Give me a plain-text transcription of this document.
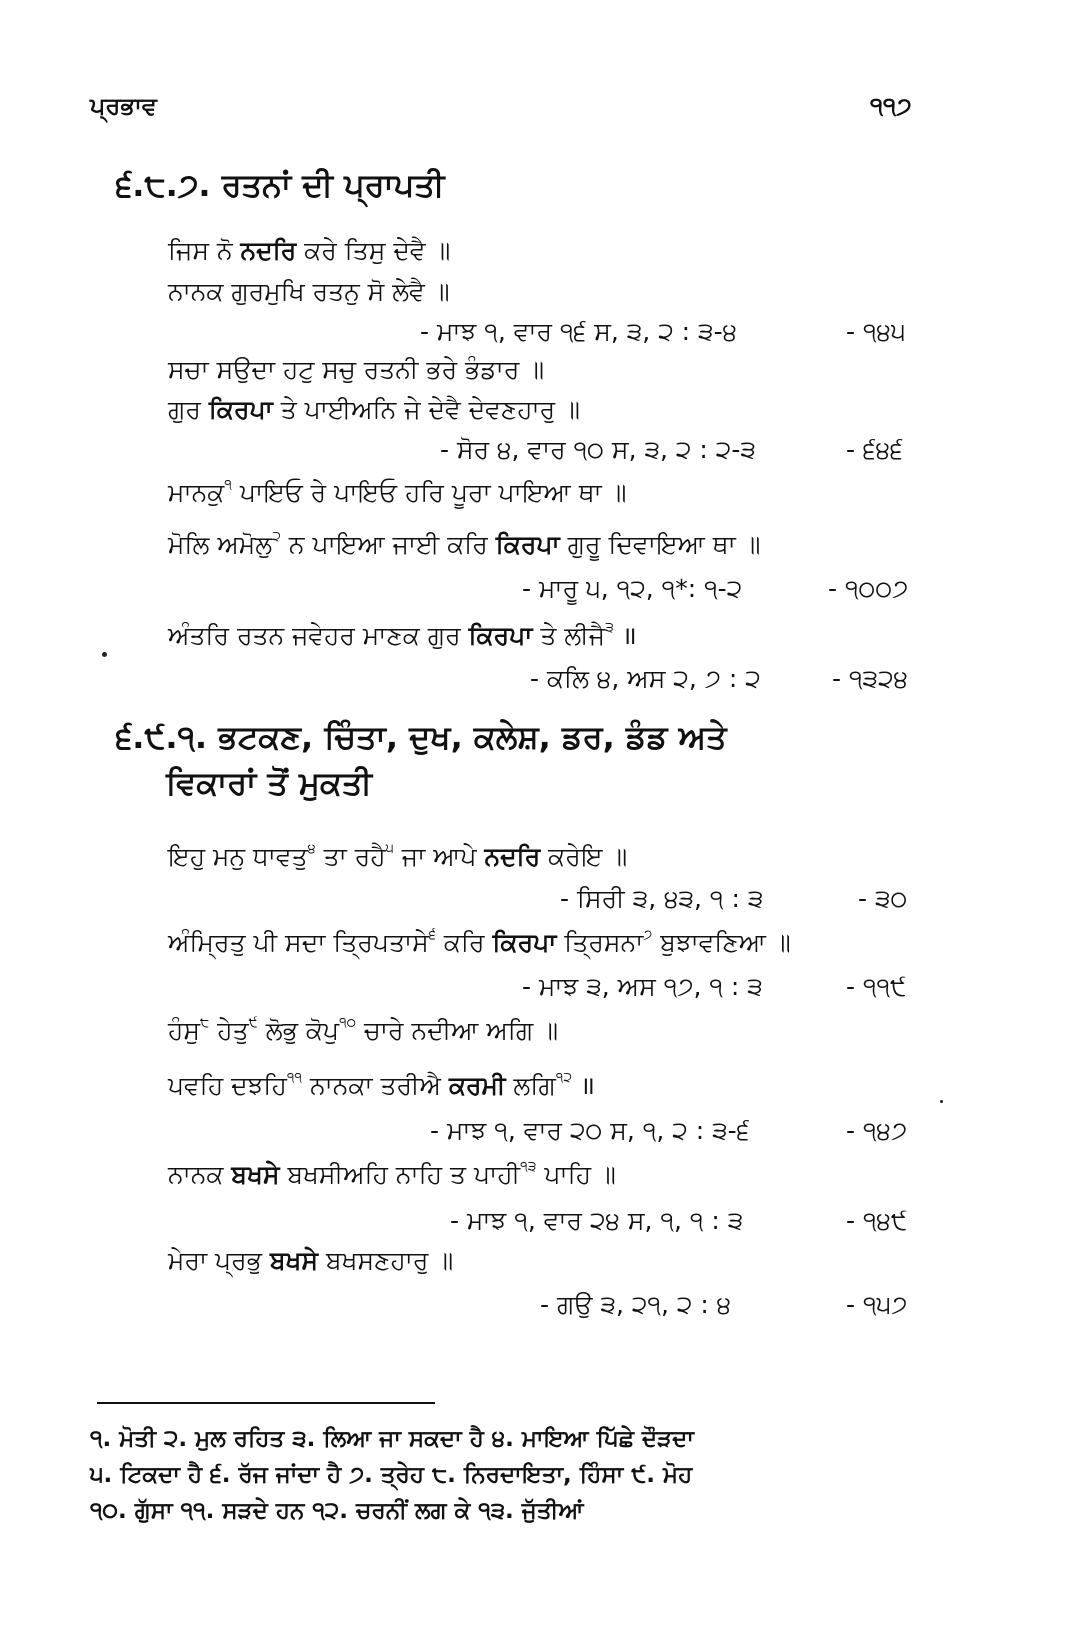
ਪ੍ਰਭਾਵ	੧੧੭
੬.੮.੭. ਰਤਨਾਂ ਦੀ ਪ੍ਰਾਪਤੀ
ਜਿਸ ਨੋ ਨਦਰਿ ਕਰੇ ਤਿਸੁ ਦੇਵੈ ॥
ਨਾਨਕ ਗੁਰਮੁਖਿ ਰਤਨੁ ਸੋ ਲੇਵੈ ॥
- ਮਾਝ ੧, ਵਾਰ ੧੬ ਸ, ੩, ੨ : ੩-੪	- ੧੪੫
ਸਚਾ ਸਉਦਾ ਹਟੁ ਸਚੁ ਰਤਨੀ ਭਰੇ ਭੰਡਾਰ ॥
ਗੁਰ ਕਿਰਪਾ ਤੇ ਪਾਈਅਨਿ ਜੇ ਦੇਵੈ ਦੇਵਣਹਾਰੁ ॥
- ਸੋਰ ੪, ਵਾਰ ੧੦ ਸ, ੩, ੨ : ੨-੩	- ੬੪੬
ਮਾਨਕੁ$^੧$ ਪਾਇਓ ਰੇ ਪਾਇਓ ਹਰਿ ਪੂਰਾ ਪਾਇਆ ਥਾ ॥
ਮੋਲਿ ਅਮੋਲੁ$^੨$ ਨ ਪਾਇਆ ਜਾਈ ਕਰਿ ਕਿਰਪਾ ਗੁਰੂ ਦਿਵਾਇਆ ਥਾ ॥
- ਮਾਰੂ ੫, ੧੨, ੧*: ੧-੨	- ੧੦੦੭
ਅੰਤਰਿ ਰਤਨ ਜਵੇਹਰ ਮਾਣਕ ਗੁਰ ਕਿਰਪਾ ਤੇ ਲੀਜੈ$^੩$ ॥
- ਕਲਿ ੪, ਅਸ ੨, ੭ : ੨	- ੧੩੨੪
੬.੯.੧. ਭਟਕਣ, ਚਿੰਤਾ, ਦੁਖ, ਕਲੇਸ਼, ਡਰ, ਡੰਡ ਅਤੇ
ਵਿਕਾਰਾਂ ਤੋਂ ਮੁਕਤੀ
ਇਹੁ ਮਨੁ ਧਾਵਤੁ$^੪$ ਤਾ ਰਹੈ$^੫$ ਜਾ ਆਪੇ ਨਦਰਿ ਕਰੇਇ ॥
- ਸਿਰੀ ੩, ੪੩, ੧ : ੩	- ੩੦
ਅੰਮ੍ਰਿਤੁ ਪੀ ਸਦਾ ਤ੍ਰਿਪਤਾਸੇ$^੬$ ਕਰਿ ਕਿਰਪਾ ਤ੍ਰਿਸਨਾ$^੭$ ਬੁਝਾਵਣਿਆ ॥
- ਮਾਝ ੩, ਅਸ ੧੭, ੧ : ੩	- ੧੧੯
ਹੰਸੁ$^੮$ ਹੇਤੁ$^੯$ ਲੋਭੁ ਕੋਪੁ$^{੧੦}$ ਚਾਰੇ ਨਦੀਆ ਅਗਿ ॥
ਪਵਹਿ ਦਝਹਿ$^{੧੧}$ ਨਾਨਕਾ ਤਰੀਐ ਕਰਮੀ ਲਗਿ$^{੧੨}$ ॥
- ਮਾਝ ੧, ਵਾਰ ੨੦ ਸ, ੧, ੨ : ੩-੬	- ੧੪੭
ਨਾਨਕ ਬਖਸੇ ਬਖਸੀਅਹਿ ਨਾਹਿ ਤ ਪਾਹੀ$^{੧੩}$ ਪਾਹਿ ॥
- ਮਾਝ ੧, ਵਾਰ ੨੪ ਸ, ੧, ੧ : ੩	- ੧੪੯
ਮੇਰਾ ਪ੍ਰਭੁ ਬਖਸੇ ਬਖਸਣਹਾਰੁ ॥
- ਗਉ ੩, ੨੧, ੨ : ੪	- ੧੫੭
੧. ਮੋਤੀ ੨. ਮੁਲ ਰਹਿਤ ੩. ਲਿਆ ਜਾ ਸਕਦਾ ਹੈ ੪. ਮਾਇਆ ਪਿੱਛੇ ਦੌੜਦਾ
੫. ਟਿਕਦਾ ਹੈ ੬. ਰੱਜ ਜਾਂਦਾ ਹੈ ੭. ਤ੍ਰੇਹ ੮. ਨਿਰਦਾਇਤਾ, ਹਿੰਸਾ ੯. ਮੋਹ
੧੦. ਗੁੱਸਾ ੧੧. ਸੜਦੇ ਹਨ ੧੨. ਚਰਨੀਂ ਲਗ ਕੇ ੧੩. ਜੁੱਤੀਆਂ
